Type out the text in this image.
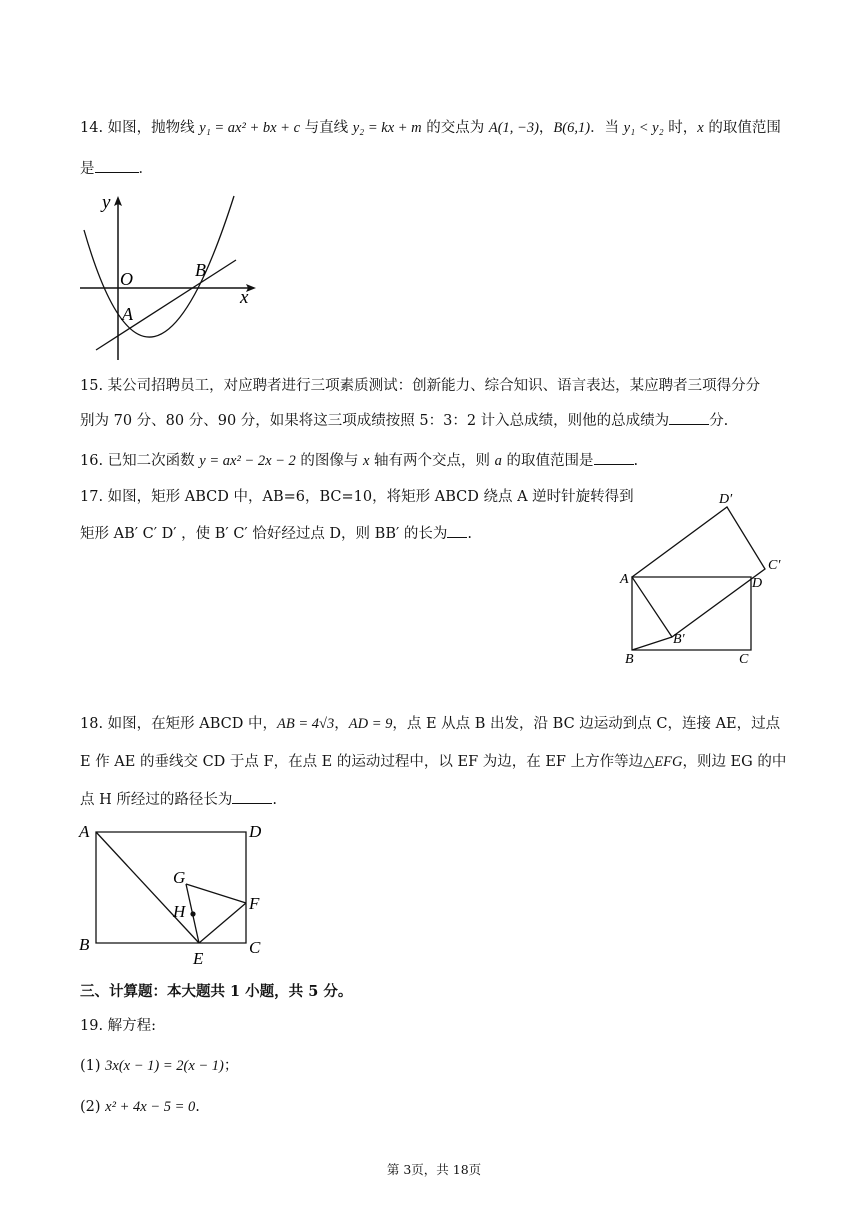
14. 如图，抛物线 y₁ = ax² + bx + c 与直线 y₂ = kx + m 的交点为 A(1, −3)，B(6,1)．当 y₁ < y₂ 时，x 的取值范围
是	．
y
x
O
A
B
15. 某公司招聘员工，对应聘者进行三项素质测试：创新能力、综合知识、语言表达，某应聘者三项得分分
别为 70 分、80 分、90 分，如果将这三项成绩按照 5：3：2 计入总成绩，则他的总成绩为	分.
16. 已知二次函数 y = ax² − 2x − 2 的图像与 x 轴有两个交点，则 a 的取值范围是	.
17. 如图，矩形 ABCD 中，AB=6，BC=10，将矩形 ABCD 绕点 A 逆时针旋转得到
矩形 AB′ C′ D′ ，使 B′ C′ 恰好经过点 D，则 BB′ 的长为 .
A	D
B	C
B′
C′
D′
18. 如图，在矩形 ABCD 中，AB = 4√3，AD = 9，点 E 从点 B 出发，沿 BC 边运动到点 C，连接 AE，过点
E 作 AE 的垂线交 CD 于点 F，在点 E 的运动过程中，以 EF 为边，在 EF 上方作等边△EFG，则边 EG 的中
点 H 所经过的路径长为	.
A	D
B	C
E
F
G
H
三、计算题：本大题共 1 小题，共 5 分。
19. 解方程:
(1) 3x(x − 1) = 2(x − 1)；
(2) x² + 4x − 5 = 0.
第 3页，共 18页
